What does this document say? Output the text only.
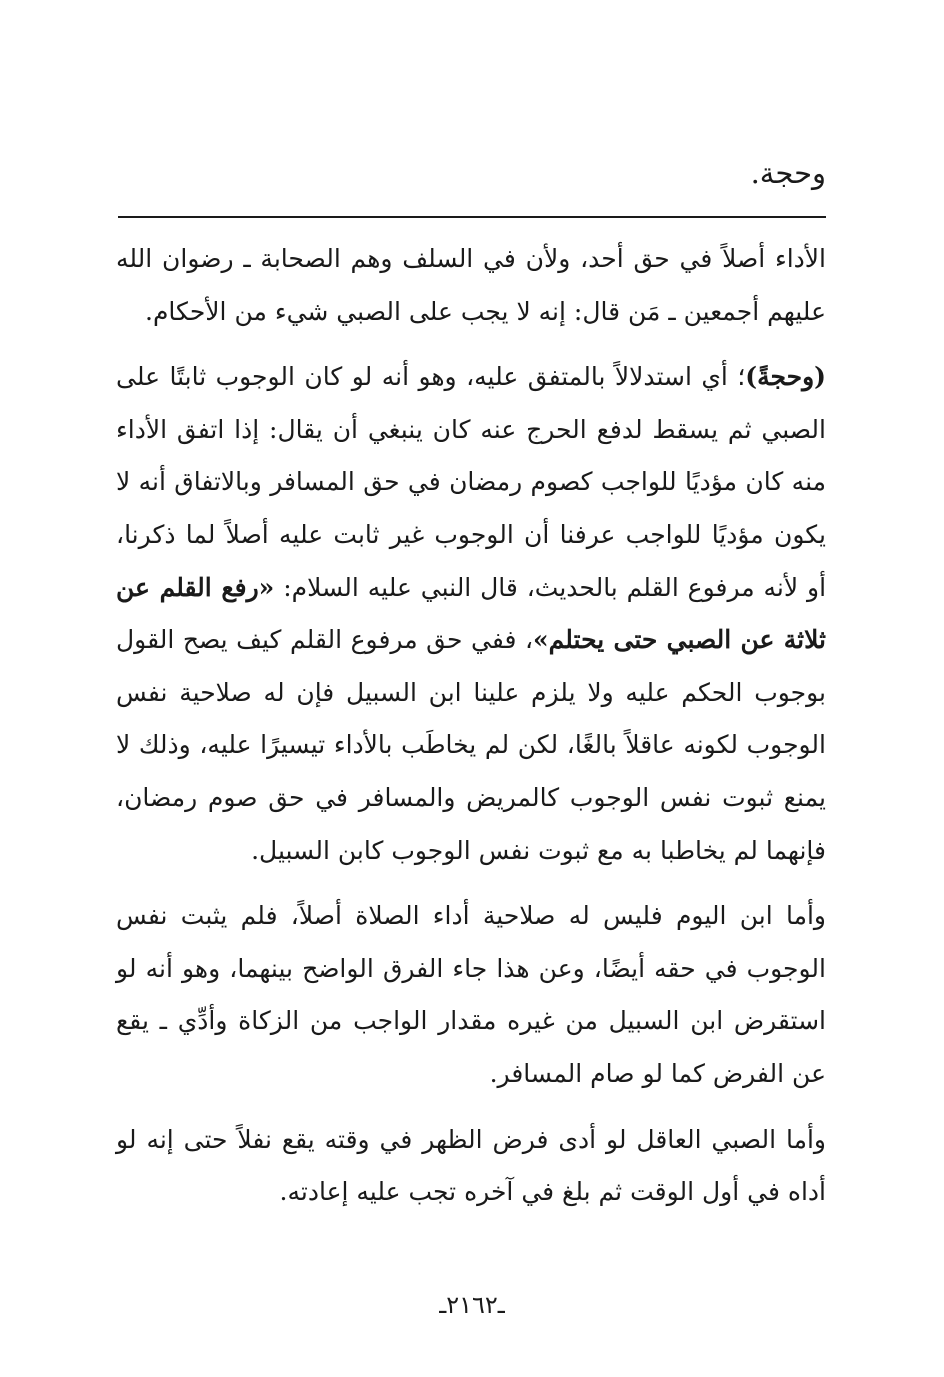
وحجة.

الأداء أصلاً في حق أحد، ولأن في السلف وهم الصحابة ـ رضوان الله عليهم أجمعين ـ مَن قال: إنه لا يجب على الصبي شيء من الأحكام.

(وحجةً)؛ أي استدلالاً بالمتفق عليه، وهو أنه لو كان الوجوب ثابتًا على الصبي ثم يسقط لدفع الحرج عنه كان ينبغي أن يقال: إذا اتفق الأداء منه كان مؤديًا للواجب كصوم رمضان في حق المسافر وبالاتفاق أنه لا يكون مؤديًا للواجب عرفنا أن الوجوب غير ثابت عليه أصلاً لما ذكرنا، أو لأنه مرفوع القلم بالحديث، قال النبي عليه السلام: «رفع القلم عن ثلاثة عن الصبي حتى يحتلم»، ففي حق مرفوع القلم كيف يصح القول بوجوب الحكم عليه ولا يلزم علينا ابن السبيل فإن له صلاحية نفس الوجوب لكونه عاقلاً بالغًا، لكن لم يخاطَب بالأداء تيسيرًا عليه، وذلك لا يمنع ثبوت نفس الوجوب كالمريض والمسافر في حق صوم رمضان، فإنهما لم يخاطبا به مع ثبوت نفس الوجوب كابن السبيل.

وأما ابن اليوم فليس له صلاحية أداء الصلاة أصلاً، فلم يثبت نفس الوجوب في حقه أيضًا، وعن هذا جاء الفرق الواضح بينهما، وهو أنه لو استقرض ابن السبيل من غيره مقدار الواجب من الزكاة وأدِّي ـ يقع عن الفرض كما لو صام المسافر.

وأما الصبي العاقل لو أدى فرض الظهر في وقته يقع نفلاً حتى إنه لو أداه في أول الوقت ثم بلغ في آخره تجب عليه إعادته.

ـ٢١٦٢ـ
